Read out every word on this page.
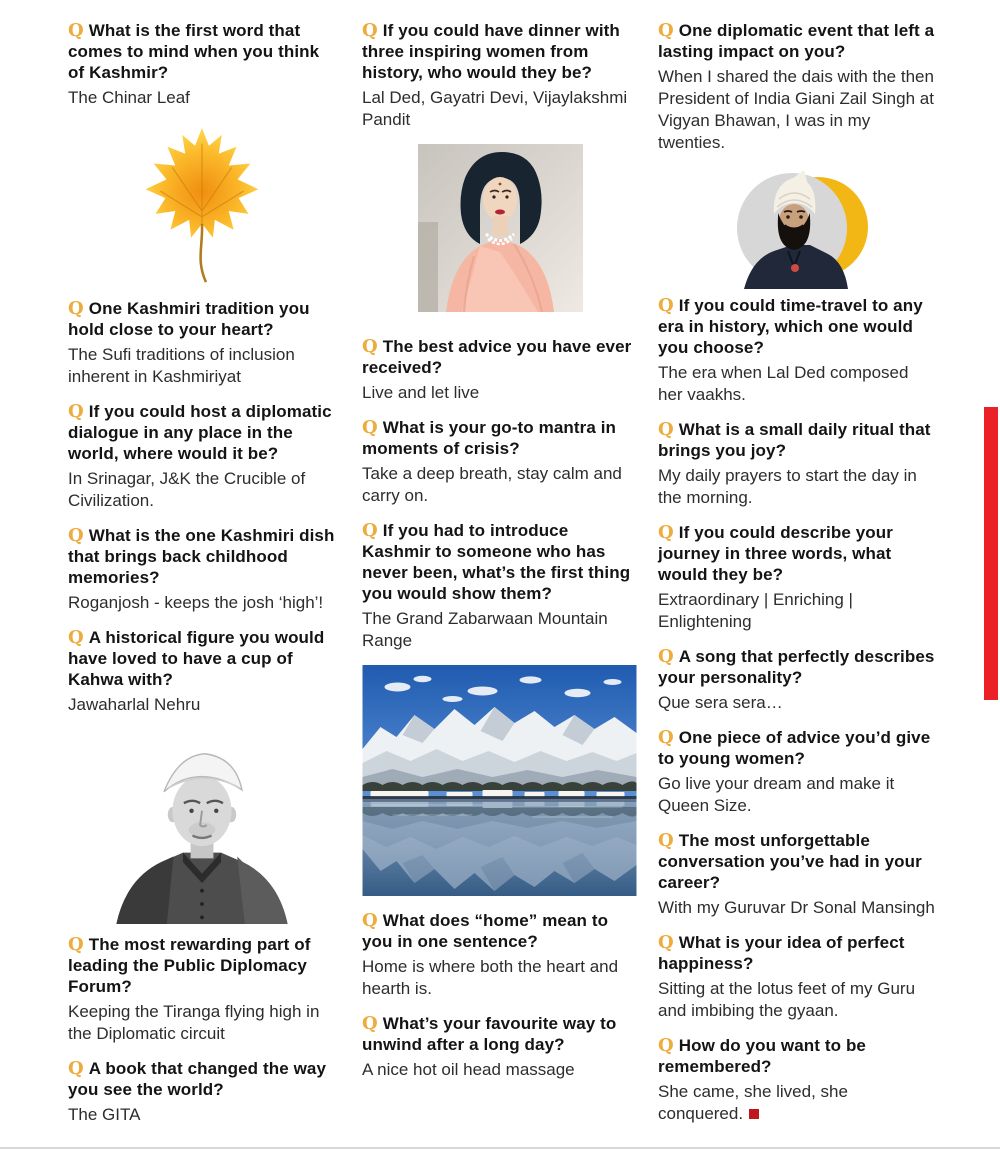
Q What is the first word that comes to mind when you think of Kashmir?

The Chinar Leaf

Q One Kashmiri tradition you hold close to your heart?

The Sufi traditions of inclusion inherent in Kashmiriyat

Q If you could host a diplomatic dialogue in any place in the world, where would it be?

In Srinagar, J&K the Crucible of Civilization.

Q What is the one Kashmiri dish that brings back childhood memories?

Roganjosh - keeps the josh ‘high’!

Q A historical figure you would have loved to have a cup of Kahwa with?

Jawaharlal Nehru

Q The most rewarding part of leading the Public Diplomacy Forum?

Keeping the Tiranga flying high in the Diplomatic circuit

Q A book that changed the way you see the world?

The GITA

Q If you could have dinner with three inspiring women from history, who would they be?

Lal Ded, Gayatri Devi, Vijaylakshmi Pandit

Q The best advice you have ever received?

Live and let live

Q What is your go-to mantra in moments of crisis?

Take a deep breath, stay calm and carry on.

Q If you had to introduce Kashmir to someone who has never been, what’s the first thing you would show them?

The Grand Zabarwaan Mountain Range

Q What does “home” mean to you in one sentence?

Home is where both the heart and hearth is.

Q What’s your favourite way to unwind after a long day?

A nice hot oil head massage

Q One diplomatic event that left a lasting impact on you?

When I shared the dais with the then President of India Giani Zail Singh at Vigyan Bhawan, I was in my twenties.

Q If you could time-travel to any era in history, which one would you choose?

The era when Lal Ded composed her vaakhs.

Q What is a small daily ritual that brings you joy?

My daily prayers to start the day in the morning.

Q If you could describe your journey in three words, what would they be?

Extraordinary | Enriching | Enlightening

Q A song that perfectly describes your personality?

Que sera sera…

Q One piece of advice you’d give to young women?

Go live your dream and make it Queen Size.

Q The most unforgettable conversation you’ve had in your career?

With my Guruvar Dr Sonal Mansingh

Q What is your idea of perfect happiness?

Sitting at the lotus feet of my Guru and imbibing the gyaan.

Q How do you want to be remembered?

She came, she lived, she conquered.
